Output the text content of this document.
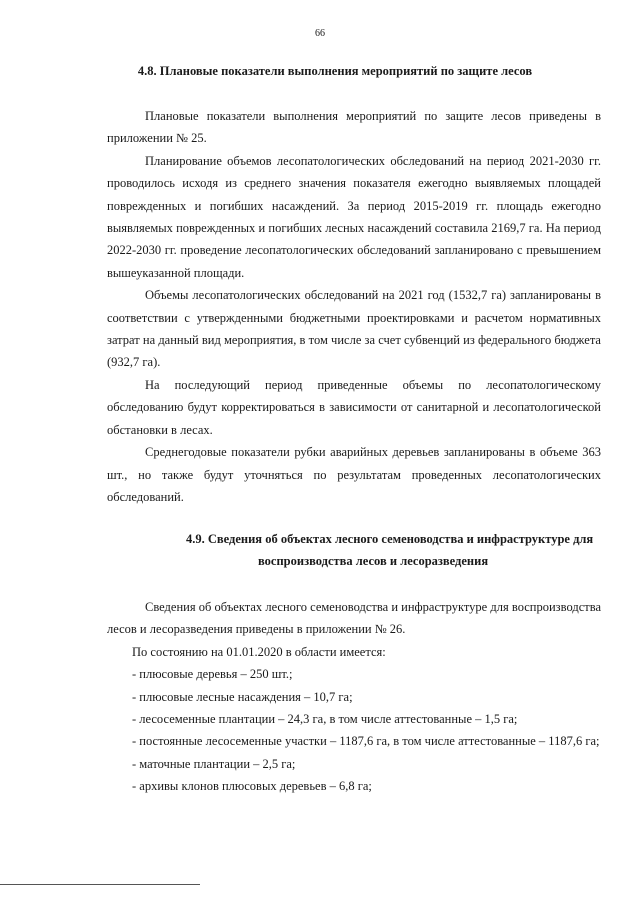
66
4.8. Плановые показатели выполнения мероприятий по защите лесов

Плановые показатели выполнения мероприятий по защите лесов приведены в приложении № 25.

Планирование объемов лесопатологических обследований на период 2021-2030 гг. проводилось исходя из среднего значения показателя ежегодно выявляемых площадей поврежденных и погибших насаждений. За период 2015-2019 гг. площадь ежегодно выявляемых поврежденных и погибших лесных насаждений составила 2169,7 га. На период 2022-2030 гг. проведение лесопатологических обследований запланировано с превышением вышеуказанной площади.

Объемы лесопатологических обследований на 2021 год (1532,7 га) запланированы в соответствии с утвержденными бюджетными проектировками и расчетом нормативных затрат на данный вид мероприятия, в том числе за счет субвенций из федерального бюджета (932,7 га).

На последующий период приведенные объемы по лесопатологическому обследованию будут корректироваться в зависимости от санитарной и лесопатологической обстановки в лесах.

Среднегодовые показатели рубки аварийных деревьев запланированы в объеме 363 шт., но также будут уточняться по результатам проведенных лесопатологических обследований.

4.9. Сведения об объектах лесного семеноводства и инфраструктуре для
воспроизводства лесов и лесоразведения

Сведения об объектах лесного семеноводства и инфраструктуре для воспроизводства лесов и лесоразведения приведены в приложении № 26.

По состоянию на 01.01.2020 в области имеется:

- плюсовые деревья – 250 шт.;

- плюсовые лесные насаждения – 10,7 га;

- лесосеменные плантации – 24,3 га, в том числе аттестованные – 1,5 га;

- постоянные лесосеменные участки – 1187,6 га, в том числе аттестованные – 1187,6 га;

- маточные плантации – 2,5 га;

- архивы клонов плюсовых деревьев – 6,8 га;
